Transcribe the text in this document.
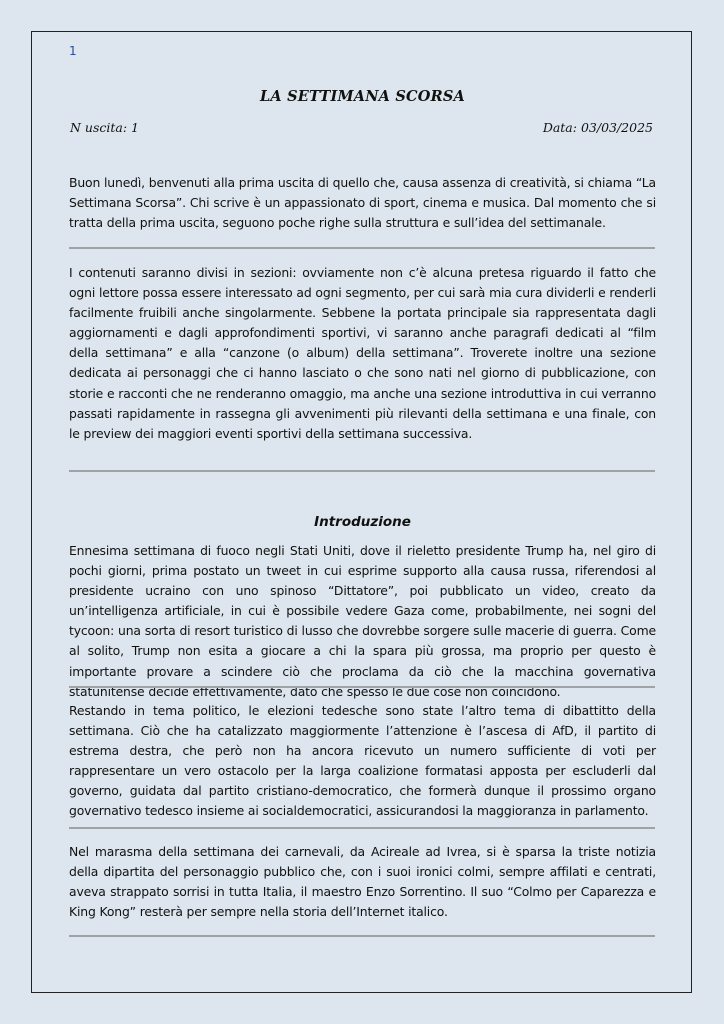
1
LA SETTIMANA SCORSA
N uscita: 1	Data: 03/03/2025

Buon lunedì, benvenuti alla prima uscita di quello che, causa assenza di creatività, si chiama “La Settimana Scorsa”. Chi scrive è un appassionato di sport, cinema e musica. Dal momento che si tratta della prima uscita, seguono poche righe sulla struttura e sull’idea del settimanale.

I contenuti saranno divisi in sezioni: ovviamente non c’è alcuna pretesa riguardo il fatto che ogni lettore possa essere interessato ad ogni segmento, per cui sarà mia cura dividerli e renderli facilmente fruibili anche singolarmente. Sebbene la portata principale sia rappresentata dagli aggiornamenti e dagli approfondimenti sportivi, vi saranno anche paragrafi dedicati al “film della settimana” e alla “canzone (o album) della settimana”. Troverete inoltre una sezione dedicata ai personaggi che ci hanno lasciato o che sono nati nel giorno di pubblicazione, con storie e racconti che ne renderanno omaggio, ma anche una sezione introduttiva in cui verranno passati rapidamente in rassegna gli avvenimenti più rilevanti della settimana e una finale, con le preview dei maggiori eventi sportivi della settimana successiva.

Introduzione

Ennesima settimana di fuoco negli Stati Uniti, dove il rieletto presidente Trump ha, nel giro di pochi giorni, prima postato un tweet in cui esprime supporto alla causa russa, riferendosi al presidente ucraino con uno spinoso “Dittatore”, poi pubblicato un video, creato da un’intelligenza artificiale, in cui è possibile vedere Gaza come, probabilmente, nei sogni del tycoon: una sorta di resort turistico di lusso che dovrebbe sorgere sulle macerie di guerra. Come al solito, Trump non esita a giocare a chi la spara più grossa, ma proprio per questo è importante provare a scindere ciò che proclama da ciò che la macchina governativa statunitense decide effettivamente, dato che spesso le due cose non coincidono.

Restando in tema politico, le elezioni tedesche sono state l’altro tema di dibattitto della settimana. Ciò che ha catalizzato maggiormente l’attenzione è l’ascesa di AfD, il partito di estrema destra, che però non ha ancora ricevuto un numero sufficiente di voti per rappresentare un vero ostacolo per la larga coalizione formatasi apposta per escluderli dal governo, guidata dal partito cristiano-democratico, che formerà dunque il prossimo organo governativo tedesco insieme ai socialdemocratici, assicurandosi la maggioranza in parlamento.

Nel marasma della settimana dei carnevali, da Acireale ad Ivrea, si è sparsa la triste notizia della dipartita del personaggio pubblico che, con i suoi ironici colmi, sempre affilati e centrati, aveva strappato sorrisi in tutta Italia, il maestro Enzo Sorrentino. Il suo “Colmo per Caparezza e King Kong” resterà per sempre nella storia dell’Internet italico.
